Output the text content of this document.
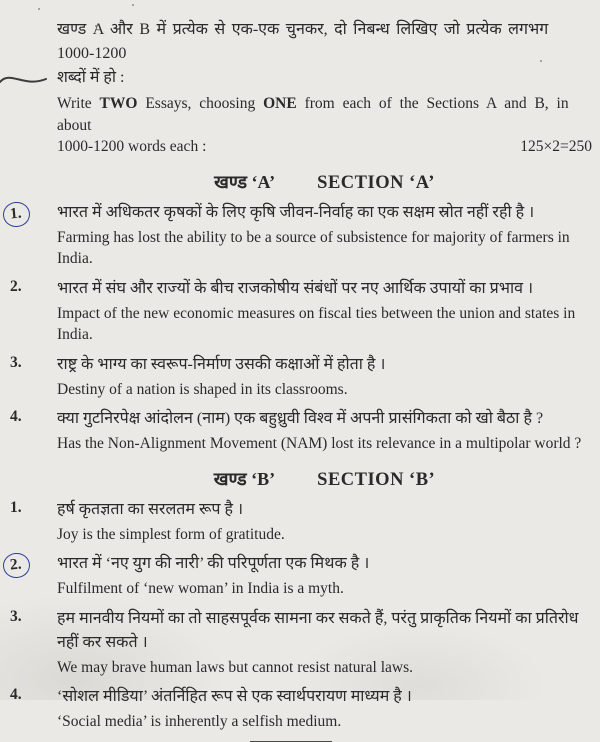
खण्ड A और B में प्रत्येक से एक-एक चुनकर, दो निबन्ध लिखिए जो प्रत्येक लगभग 1000-1200

शब्दों में हो :

Write TWO Essays, choosing ONE from each of the Sections A and B, in about

1000-1200 words each :	125×2=250
खण्ड ‘A’ SECTION ‘A’
1.	भारत में अधिकतर कृषकों के लिए कृषि जीवन-निर्वाह का एक सक्षम स्रोत नहीं रही है ।

Farming has lost the ability to be a source of subsistence for majority of farmers in India.

2.	भारत में संघ और राज्यों के बीच राजकोषीय संबंधों पर नए आर्थिक उपायों का प्रभाव ।

Impact of the new economic measures on fiscal ties between the union and states in India.

3.	राष्ट्र के भाग्य का स्वरूप-निर्माण उसकी कक्षाओं में होता है ।

Destiny of a nation is shaped in its classrooms.

4.	क्या गुटनिरपेक्ष आंदोलन (नाम) एक बहुध्रुवी विश्व में अपनी प्रासंगिकता को खो बैठा है ?

Has the Non-Alignment Movement (NAM) lost its relevance in a multipolar world ?

खण्ड ‘B’ SECTION ‘B’
1.	हर्ष कृतज्ञता का सरलतम रूप है ।

Joy is the simplest form of gratitude.

2.	भारत में ‘नए युग की नारी’ की परिपूर्णता एक मिथक है ।

Fulfilment of ‘new woman’ in India is a myth.

3.	हम मानवीय नियमों का तो साहसपूर्वक सामना कर सकते हैं, परंतु प्राकृतिक नियमों का प्रतिरोध नहीं कर सकते ।

We may brave human laws but cannot resist natural laws.

4.	‘सोशल मीडिया’ अंतर्निहित रूप से एक स्वार्थपरायण माध्यम है ।

‘Social media’ is inherently a selfish medium.
